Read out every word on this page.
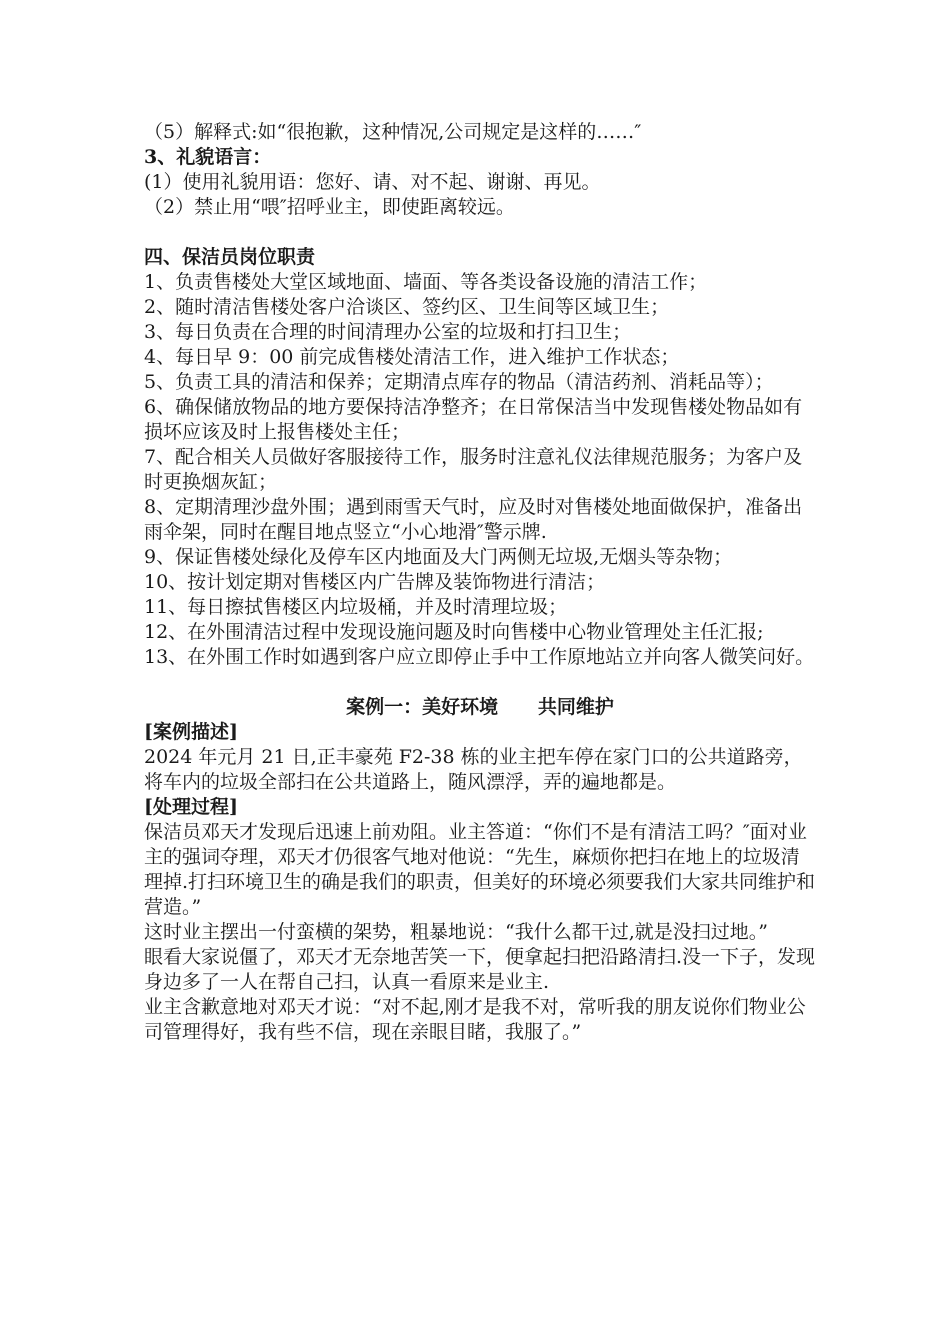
（5）解释式:如“很抱歉，这种情况,公司规定是这样的……″

3、礼貌语言：

(1）使用礼貌用语：您好、请、对不起、谢谢、再见。

（2）禁止用“喂″招呼业主，即使距离较远。

四、保洁员岗位职责

1、负责售楼处大堂区域地面、墙面、等各类设备设施的清洁工作；

2、随时清洁售楼处客户洽谈区、签约区、卫生间等区域卫生；

3、每日负责在合理的时间清理办公室的垃圾和打扫卫生；

4、每日早 9：00 前完成售楼处清洁工作，进入维护工作状态；

5、负责工具的清洁和保养；定期清点库存的物品（清洁药剂、消耗品等）；

6、确保储放物品的地方要保持洁净整齐；在日常保洁当中发现售楼处物品如有损坏应该及时上报售楼处主任；

7、配合相关人员做好客服接待工作，服务时注意礼仪法律规范服务；为客户及时更换烟灰缸；

8、定期清理沙盘外围；遇到雨雪天气时，应及时对售楼处地面做保护，准备出雨伞架，同时在醒目地点竖立“小心地滑″警示牌.

9、保证售楼处绿化及停车区内地面及大门两侧无垃圾,无烟头等杂物；

10、按计划定期对售楼区内广告牌及装饰物进行清洁；

11、每日擦拭售楼区内垃圾桶，并及时清理垃圾；

12、在外围清洁过程中发现设施问题及时向售楼中心物业管理处主任汇报;

13、在外围工作时如遇到客户应立即停止手中工作原地站立并向客人微笑问好。

案例一：美好环境      共同维护

[案例描述]

2024 年元月 21 日,正丰豪苑 F2-38 栋的业主把车停在家门口的公共道路旁，将车内的垃圾全部扫在公共道路上，随风漂浮，弄的遍地都是。

[处理过程]

保洁员邓天才发现后迅速上前劝阻。业主答道：“你们不是有清洁工吗？″面对业主的强词夺理，邓天才仍很客气地对他说：“先生，麻烦你把扫在地上的垃圾清理掉.打扫环境卫生的确是我们的职责，但美好的环境必须要我们大家共同维护和营造。”

这时业主摆出一付蛮横的架势，粗暴地说：“我什么都干过,就是没扫过地。”

眼看大家说僵了，邓天才无奈地苦笑一下，便拿起扫把沿路清扫.没一下子，发现身边多了一人在帮自己扫，认真一看原来是业主.

业主含歉意地对邓天才说：“对不起,刚才是我不对，常听我的朋友说你们物业公司管理得好，我有些不信，现在亲眼目睹，我服了。”
